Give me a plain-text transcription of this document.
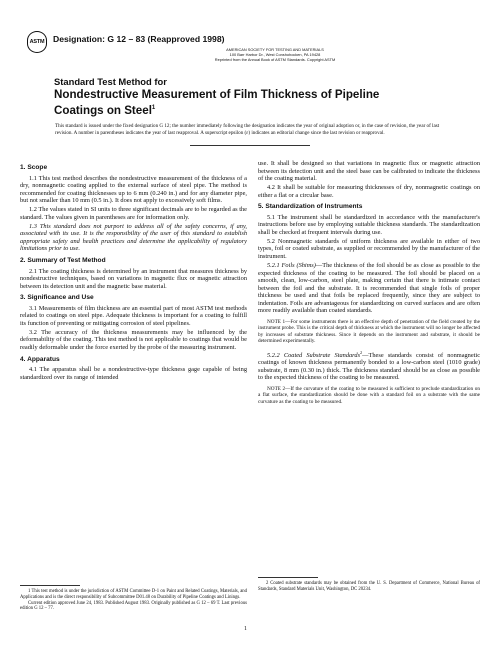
ASTM Designation: G 12 – 83 (Reapproved 1998)
AMERICAN SOCIETY FOR TESTING AND MATERIALS
100 Barr Harbor Dr., West Conshohocken, PA 19428
Reprinted from the Annual Book of ASTM Standards. Copyright ASTM
Standard Test Method for
Nondestructive Measurement of Film Thickness of Pipeline
Coatings on Steel$^1$
This standard is issued under the fixed designation G 12; the number immediately following the designation indicates the year of original adoption or, in the case of revision, the year of last revision. A number in parentheses indicates the year of last reapproval. A superscript epsilon (ε) indicates an editorial change since the last revision or reapproval.
1. Scope

1.1 This test method describes the nondestructive measurement of the thickness of a dry, nonmagnetic coating applied to the external surface of steel pipe. The method is recommended for coating thicknesses up to 6 mm (0.240 in.) and for any diameter pipe, but not smaller than 10 mm (0.5 in.). It does not apply to excessively soft films.

1.2 The values stated in SI units to three significant decimals are to be regarded as the standard. The values given in parentheses are for information only.

1.3 This standard does not purport to address all of the safety concerns, if any, associated with its use. It is the responsibility of the user of this standard to establish appropriate safety and health practices and determine the applicability of regulatory limitations prior to use.

2. Summary of Test Method

2.1 The coating thickness is determined by an instrument that measures thickness by nondestructive techniques, based on variations in magnetic flux or magnetic attraction between its detection unit and the magnetic base material.

3. Significance and Use

3.1 Measurements of film thickness are an essential part of most ASTM test methods related to coatings on steel pipe. Adequate thickness is important for a coating to fulfill its function of preventing or mitigating corrosion of steel pipelines.

3.2 The accuracy of the thickness measurements may be influenced by the deformability of the coating. This test method is not applicable to coatings that would be readily deformable under the force exerted by the probe of the measuring instrument.

4. Apparatus

4.1 The apparatus shall be a nondestructive-type thickness gage capable of being standardized over its range of intended

use. It shall be designed so that variations in magnetic flux or magnetic attraction between its detection unit and the steel base can be calibrated to indicate the thickness of the coating material.

4.2 It shall be suitable for measuring thicknesses of dry, nonmagnetic coatings on either a flat or a circular base.

5. Standardization of Instruments

5.1 The instrument shall be standardized in accordance with the manufacturer's instructions before use by employing suitable thickness standards. The standardization shall be checked at frequent intervals during use.

5.2 Nonmagnetic standards of uniform thickness are available in either of two types, foil or coated substrate, as supplied or recommended by the manufacturer of the instrument.

5.2.1 Foils (Shims)—The thickness of the foil should be as close as possible to the expected thickness of the coating to be measured. The foil should be placed on a smooth, clean, low-carbon, steel plate, making certain that there is intimate contact between the foil and the substrate. It is recommended that single foils of proper thickness be used and that foils be replaced frequently, since they are subject to indentation. Foils are advantageous for standardizing on curved surfaces and are often more readily available than coated standards.

NOTE 1—For some instruments there is an effective depth of penetration of the field created by the instrument probe. This is the critical depth of thickness at which the instrument will no longer be affected by increases of substrate thickness. Since it depends on the instrument and substrate, it should be determined experimentally.

5.2.2 Coated Substrate Standards$^2$—These standards consist of nonmagnetic coatings of known thickness permanently bonded to a low-carbon steel (1010 grade) substrate, 8 mm (0.30 in.) thick. The thickness standard should be as close as possible to the expected thickness of the coating to be measured.

NOTE 2—If the curvature of the coating to be measured is sufficient to preclude standardization on a flat surface, the standardization should be done with a standard foil on a substrate with the same curvature as the coating to be measured.

1 This test method is under the jurisdiction of ASTM Committee D-1 on Paint and Related Coatings, Materials, and Applications and is the direct responsibility of Subcommittee D01.48 on Durability of Pipeline Coatings and Linings.

Current edition approved June 24, 1983. Published August 1983. Originally published as G 12 – 69 T. Last previous edition G 12 – 77.

2 Coated substrate standards may be obtained from the U. S. Department of Commerce, National Bureau of Standards, Standard Materials Unit, Washington, DC 20234.

1
